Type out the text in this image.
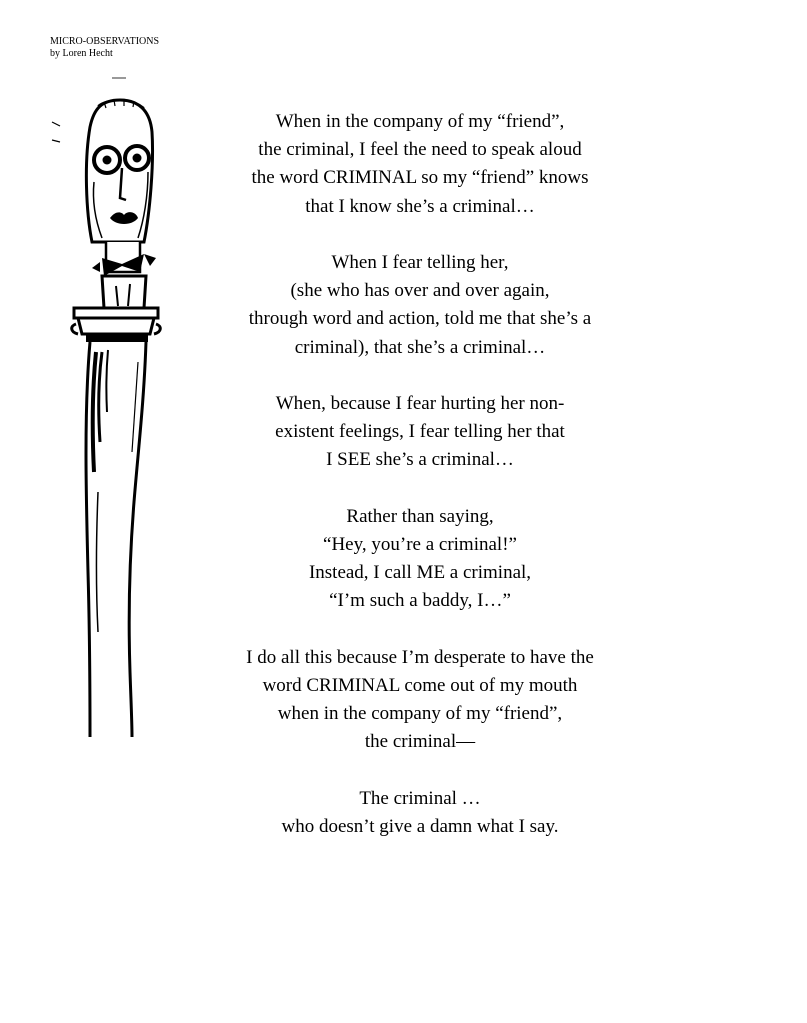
MICRO-OBSERVATIONS
by Loren Hecht
When in the company of my “friend”,
the criminal, I feel the need to speak aloud
the word CRIMINAL so my “friend” knows
that I know she’s a criminal…
When I fear telling her,
(she who has over and over again,
through word and action, told me that she’s a
criminal), that she’s a criminal…
When, because I fear hurting her non-
existent feelings, I fear telling her that
I SEE she’s a criminal…
Rather than saying,
“Hey, you’re a criminal!”
Instead, I call ME a criminal,
“I’m such a baddy, I…”
I do all this because I’m desperate to have the
word CRIMINAL come out of my mouth
when in the company of my “friend”,
the criminal—
The criminal …
who doesn’t give a damn what I say.
